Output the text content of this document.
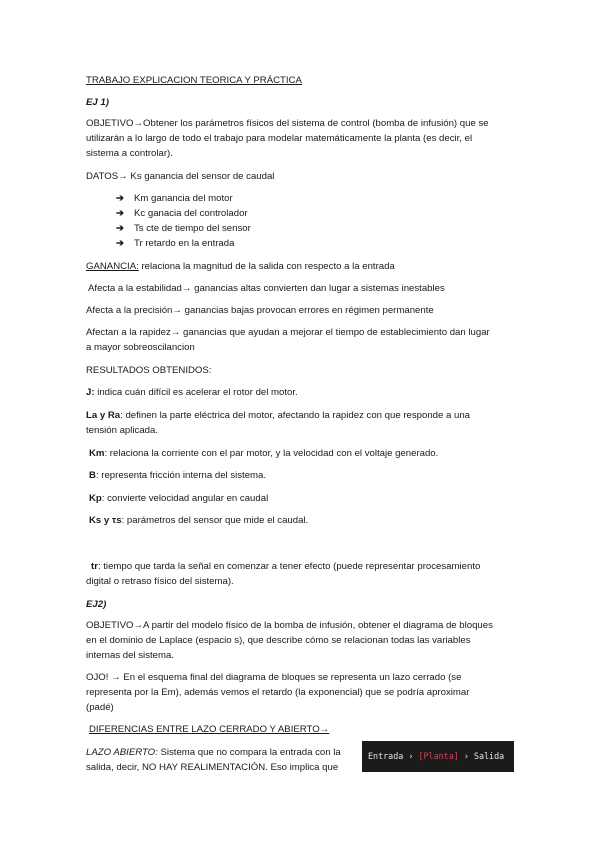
TRABAJO EXPLICACION TEORICA Y PRÁCTICA
EJ 1)
OBJETIVO→Obtener los parámetros físicos del sistema de control (bomba de infusión) que se
utilizarán a lo largo de todo el trabajo para modelar matemáticamente la planta (es decir, el
sistema a controlar).
DATOS→ Ks ganancia del sensor de caudal
➔ Km ganancia del motor
➔ Kc ganacia del controlador
➔ Ts cte de tiempo del sensor
➔ Tr retardo en la entrada
GANANCIA: relaciona la magnitud de la salida con respecto a la entrada
Afecta a la estabilidad→ ganancias altas convierten dan lugar a sistemas inestables
Afecta a la precisión→ ganancias bajas provocan errores en régimen permanente
Afectan a la rapidez→ ganancias que ayudan a mejorar el tiempo de establecimiento dan lugar
a mayor sobreoscilancion
RESULTADOS OBTENIDOS:
J: indica cuán difícil es acelerar el rotor del motor.
La y Ra: definen la parte eléctrica del motor, afectando la rapidez con que responde a una
tensión aplicada.
Km: relaciona la corriente con el par motor, y la velocidad con el voltaje generado.
B: representa fricción interna del sistema.
Kp: convierte velocidad angular en caudal
Ks y τs: parámetros del sensor que mide el caudal.
tr: tiempo que tarda la señal en comenzar a tener efecto (puede representar procesamiento
digital o retraso físico del sistema).
EJ2)
OBJETIVO→A partir del modelo físico de la bomba de infusión, obtener el diagrama de bloques
en el dominio de Laplace (espacio s), que describe cómo se relacionan todas las variables
internas del sistema.
OJO! → En el esquema final del diagrama de bloques se representa un lazo cerrado (se
representa por la Em), además vemos el retardo (la exponencial) que se podría aproximar
(padé)
DIFERENCIAS ENTRE LAZO CERRADO Y ABIERTO→
LAZO ABIERTO: Sistema que no compara la entrada con la
salida, decir, NO HAY REALIMENTACIÓN. Eso implica que
Entrada › [Planta] › Salida
